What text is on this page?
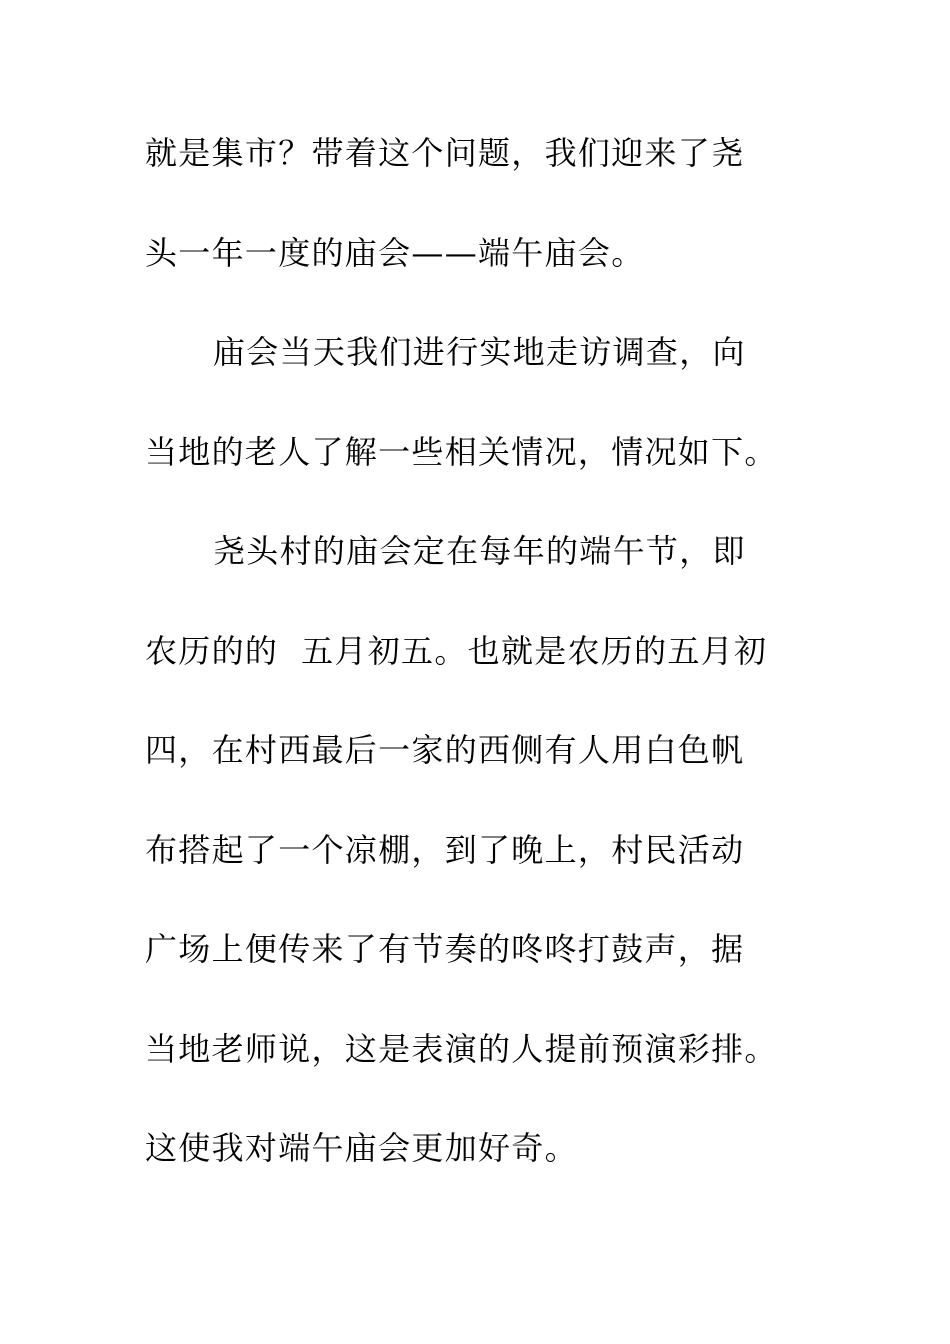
就是集市？带着这个问题，我们迎来了尧
头一年一度的庙会——端午庙会。
庙会当天我们进行实地走访调查，向
当地的老人了解一些相关情况，情况如下。
尧头村的庙会定在每年的端午节，即
农历的的  五月初五。也就是农历的五月初
四，在村西最后一家的西侧有人用白色帆
布搭起了一个凉棚，到了晚上，村民活动
广场上便传来了有节奏的咚咚打鼓声，据
当地老师说，这是表演的人提前预演彩排。
这使我对端午庙会更加好奇。
